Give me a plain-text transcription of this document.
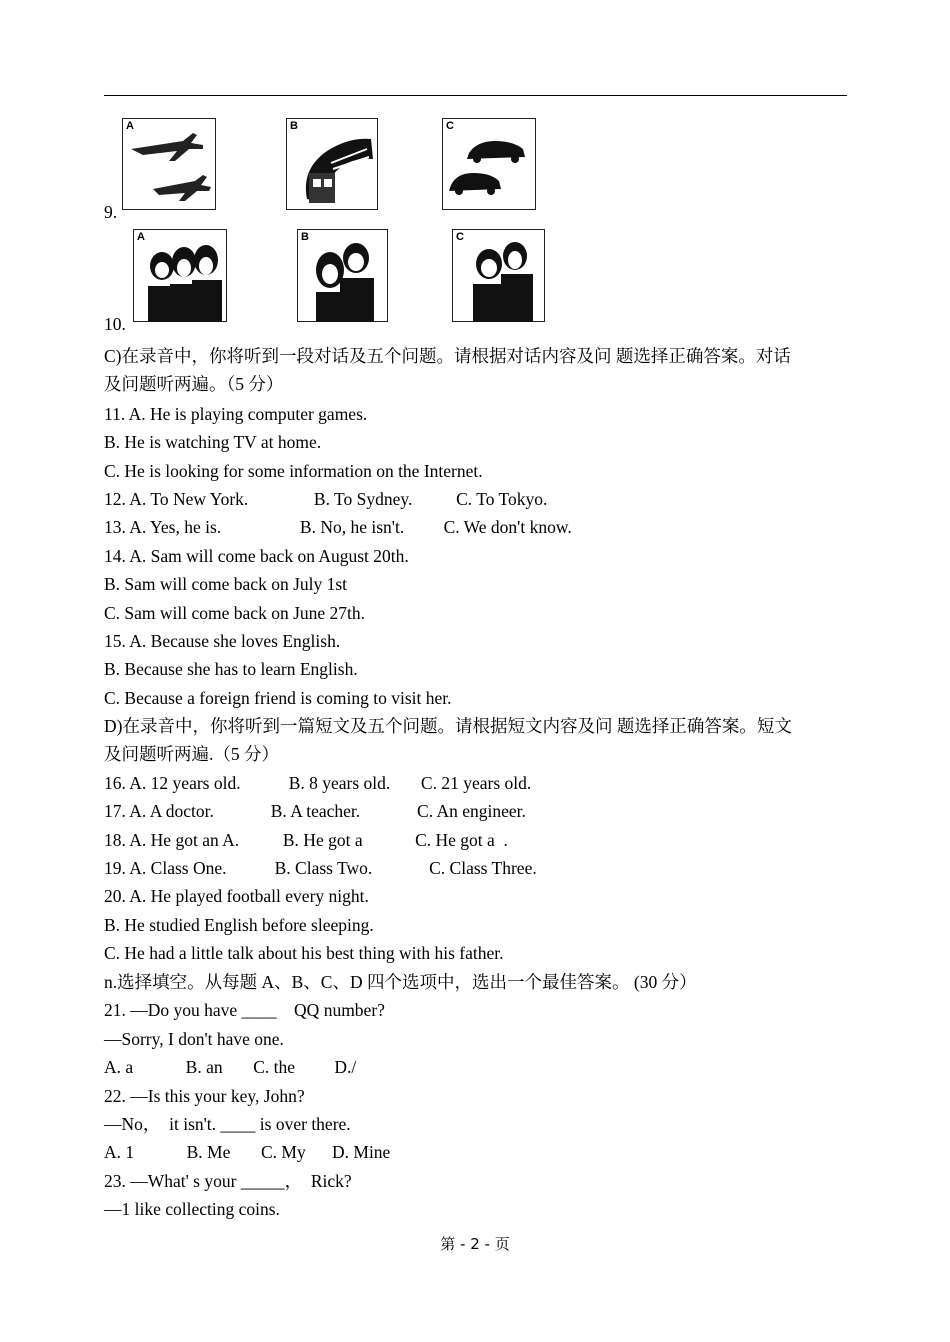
A	B	C
9.
A	B	C
10.
C)在录音中，你将听到一段对话及五个问题。请根据对话内容及问 题选择正确答案。对话
及问题听两遍。（5 分）
11. A. He is playing computer games.
B. He is watching TV at home.
C. He is looking for some information on the Internet.
12. A. To New York.               B. To Sydney.          C. To Tokyo.
13. A. Yes, he is.                  B. No, he isn't.         C. We don't know.
14. A. Sam will come back on August 20th.
B. Sam will come back on July 1st
C. Sam will come back on June 27th.
15. A. Because she loves English.
B. Because she has to learn English.
C. Because a foreign friend is coming to visit her.
D)在录音中，你将听到一篇短文及五个问题。请根据短文内容及问 题选择正确答案。短文
及问题听两遍.（5 分）
16. A. 12 years old.           B. 8 years old.       C. 21 years old.
17. A. A doctor.             B. A teacher.             C. An engineer.
18. A. He got an A.          B. He got a            C. He got a  .
19. A. Class One.           B. Class Two.             C. Class Three.
20. A. He played football every night.
B. He studied English before sleeping.
C. He had a little talk about his best thing with his father.
n.选择填空。从每题 A、B、C、D 四个选项中，选出一个最佳答案。 (30 分）
21. —Do you have ____    QQ number?
—Sorry, I don't have one.
A. a            B. an       C. the         D./
22. —Is this your key, John?
—No，  it isn't. ____ is over there.
A. 1            B. Me       C. My      D. Mine
23. —What' s your _____，  Rick?
—1 like collecting coins.
第 - 2 - 页
